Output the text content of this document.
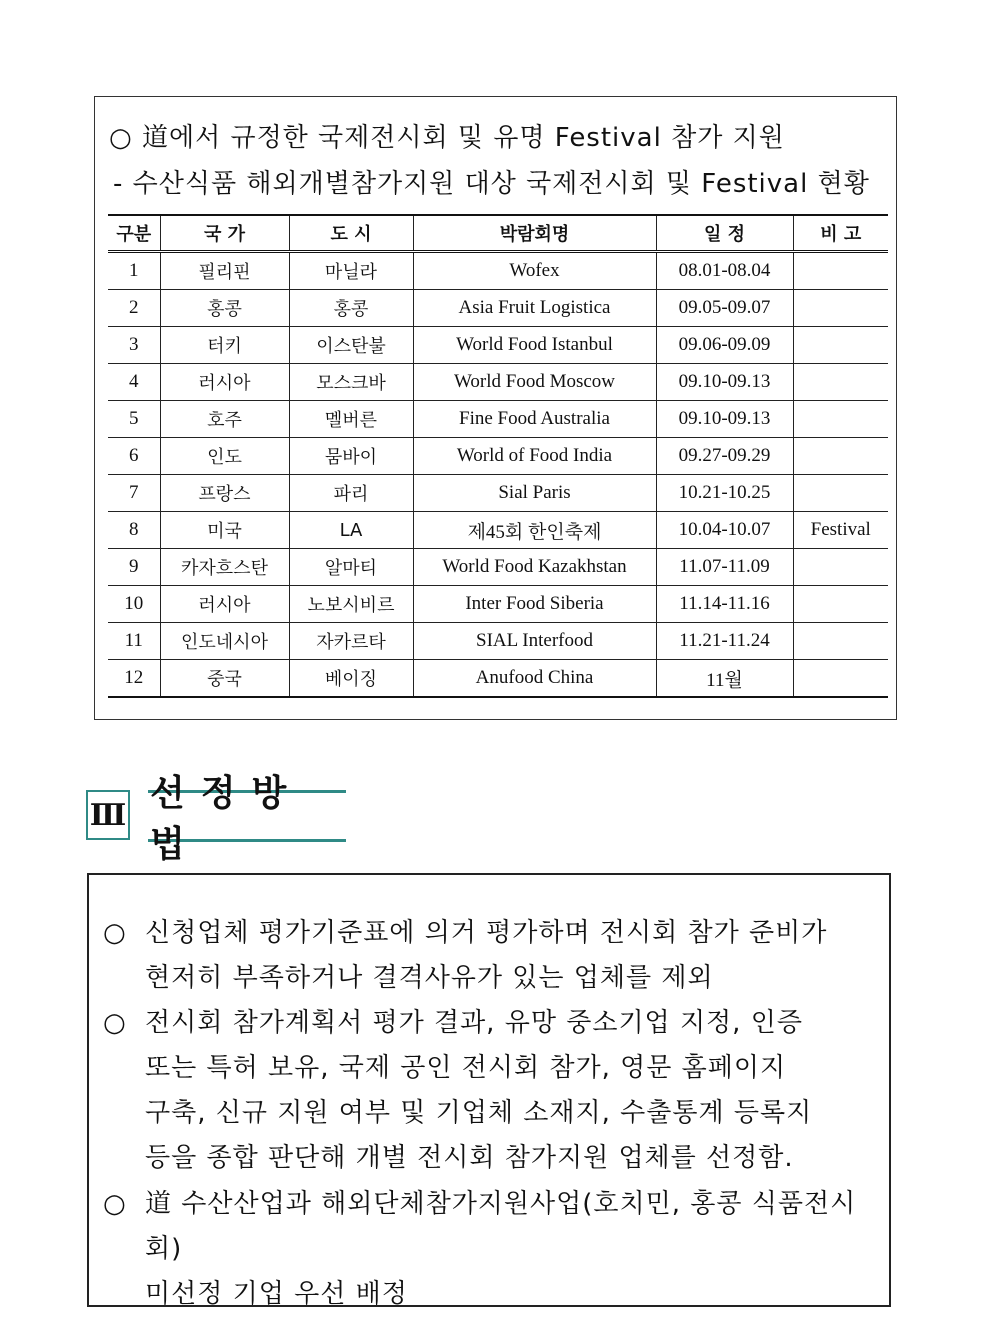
○ 道에서 규정한 국제전시회 및 유명 Festival 참가 지원
- 수산식품 해외개별참가지원 대상 국제전시회 및 Festival 현황
구분	국 가	도 시	박람회명	일 정	비 고
1	필리핀	마닐라	Wofex	08.01-08.04	
2	홍콩	홍콩	Asia Fruit Logistica	09.05-09.07	
3	터키	이스탄불	World Food Istanbul	09.06-09.09	
4	러시아	모스크바	World Food Moscow	09.10-09.13	
5	호주	멜버른	Fine Food Australia	09.10-09.13	
6	인도	뭄바이	World of Food India	09.27-09.29	
7	프랑스	파리	Sial Paris	10.21-10.25	
8	미국	LA	제45회 한인축제	10.04-10.07	Festival
9	카자흐스탄	알마티	World Food Kazakhstan	11.07-11.09	
10	러시아	노보시비르	Inter Food Siberia	11.14-11.16	
11	인도네시아	자카르타	SIAL Interfood	11.21-11.24	
12	중국	베이징	Anufood China	11월	
Ⅲ
선정방법
○ 신청업체 평가기준표에 의거 평가하며 전시회 참가 준비가
현저히 부족하거나 결격사유가 있는 업체를 제외
○ 전시회 참가계획서 평가 결과, 유망 중소기업 지정, 인증
또는 특허 보유, 국제 공인 전시회 참가, 영문 홈페이지
구축, 신규 지원 여부 및 기업체 소재지, 수출통계 등록지
등을 종합 판단해 개별 전시회 참가지원 업체를 선정함.
○ 道 수산산업과 해외단체참가지원사업(호치민, 홍콩 식품전시회)
미선정 기업 우선 배정
